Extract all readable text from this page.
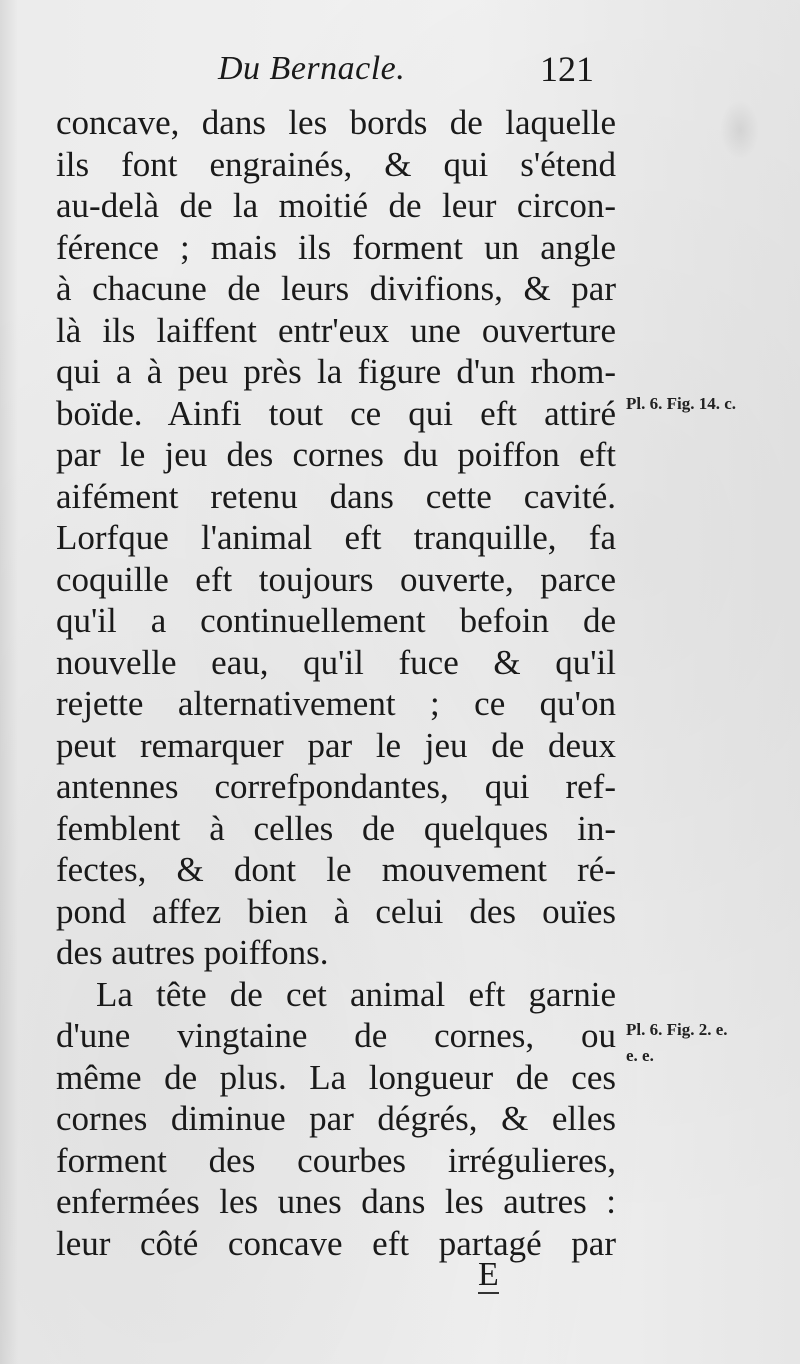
Du Bernacle.	121
concave, dans les bords de laquelle
ils font engrainés, & qui s'étend
au-delà de la moitié de leur circon-
férence ; mais ils forment un angle
à chacune de leurs divifions, & par
là ils laiffent entr'eux une ouverture
qui a à peu près la figure d'un rhom-
boïde. Ainfi tout ce qui eft attiré
par le jeu des cornes du poiffon eft
aifément retenu dans cette cavité.
Lorfque l'animal eft tranquille, fa
coquille eft toujours ouverte, parce
qu'il a continuellement befoin de
nouvelle eau, qu'il fuce & qu'il
rejette alternativement ; ce qu'on
peut remarquer par le jeu de deux
antennes correfpondantes, qui ref-
femblent à celles de quelques in-
fectes, & dont le mouvement ré-
pond affez bien à celui des ouïes
des autres poiffons.
La tête de cet animal eft garnie
d'une vingtaine de cornes, ou
même de plus. La longueur de ces
cornes diminue par dégrés, & elles
forment des courbes irrégulieres,
enfermées les unes dans les autres :
leur côté concave eft partagé par
Pl. 6. Fig. 14. c.
Pl. 6. Fig. 2. e.
e. e.
E
